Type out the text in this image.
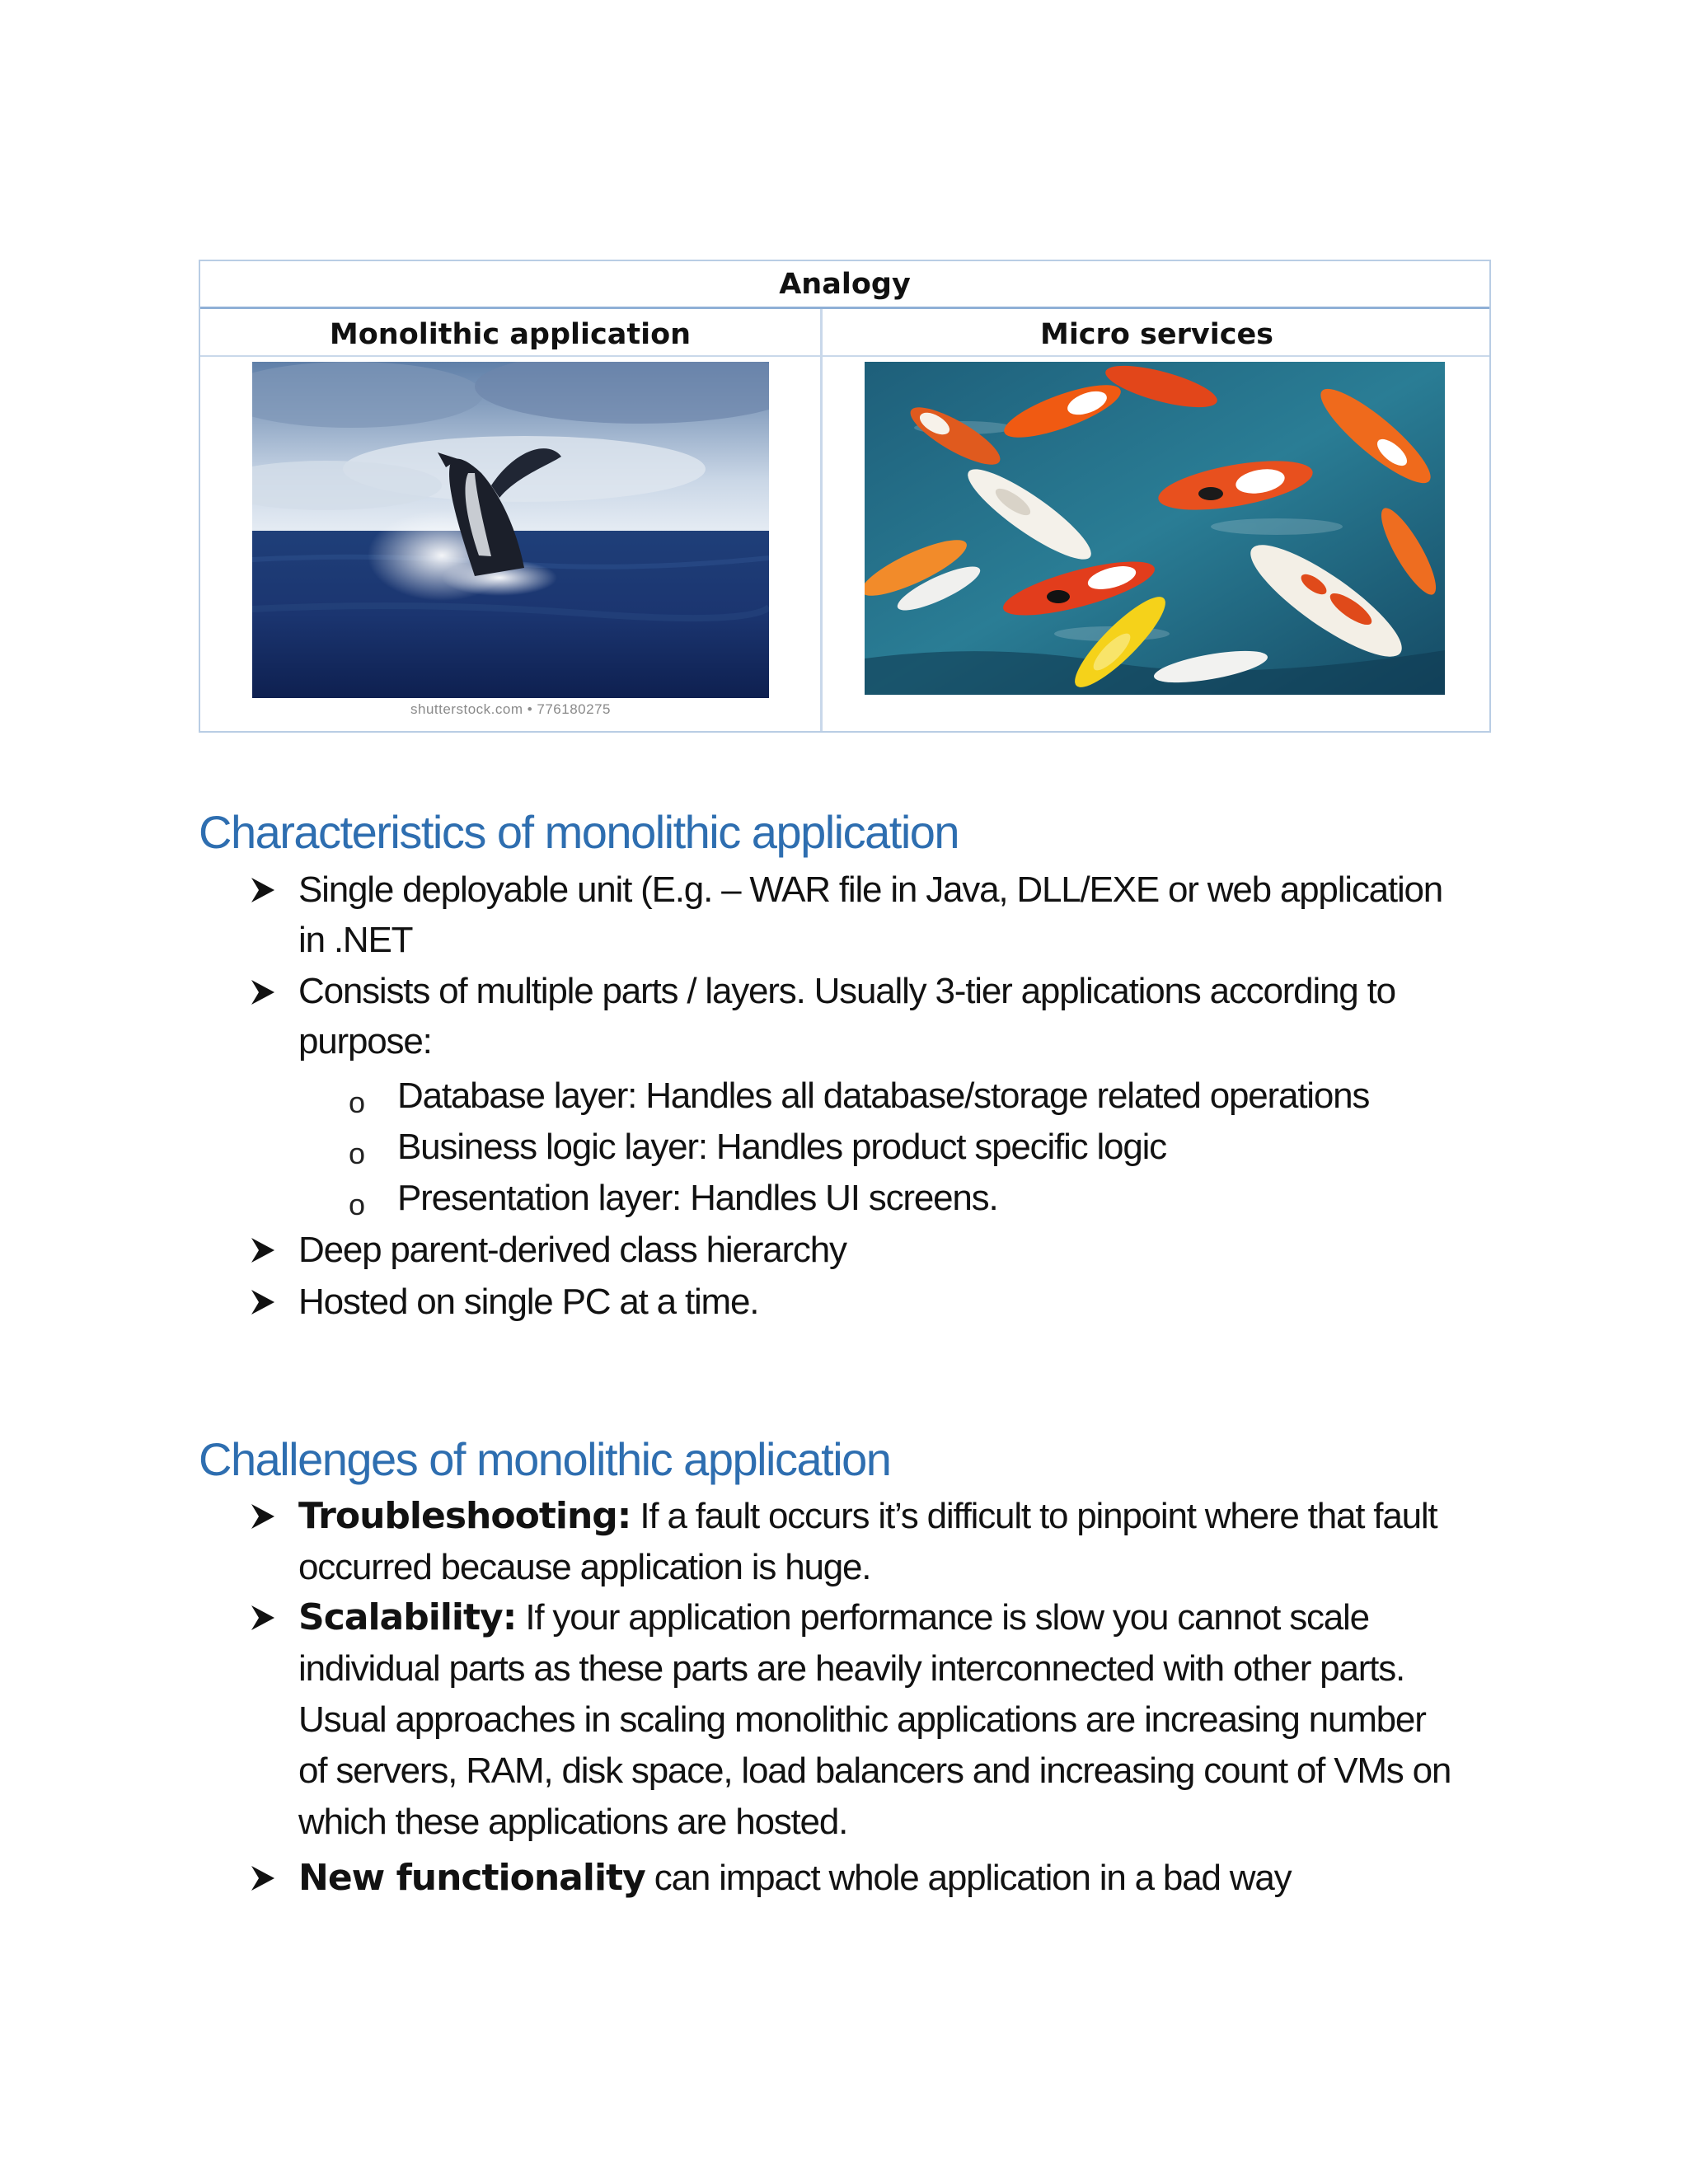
Analogy
Monolithic application	Micro services
shutterstock.com • 776180275
Characteristics of monolithic application
Single deployable unit (E.g. – WAR file in Java, DLL/EXE or web application
in .NET
Consists of multiple parts / layers. Usually 3-tier applications according to
purpose:
o Database layer: Handles all database/storage related operations
o Business logic layer: Handles product specific logic
o Presentation layer: Handles UI screens.
Deep parent-derived class hierarchy
Hosted on single PC at a time.
Challenges of monolithic application
Troubleshooting: If a fault occurs it’s difficult to pinpoint where that fault
occurred because application is huge.
Scalability: If your application performance is slow you cannot scale
individual parts as these parts are heavily interconnected with other parts.
Usual approaches in scaling monolithic applications are increasing number
of servers, RAM, disk space, load balancers and increasing count of VMs on
which these applications are hosted.
New functionality can impact whole application in a bad way
